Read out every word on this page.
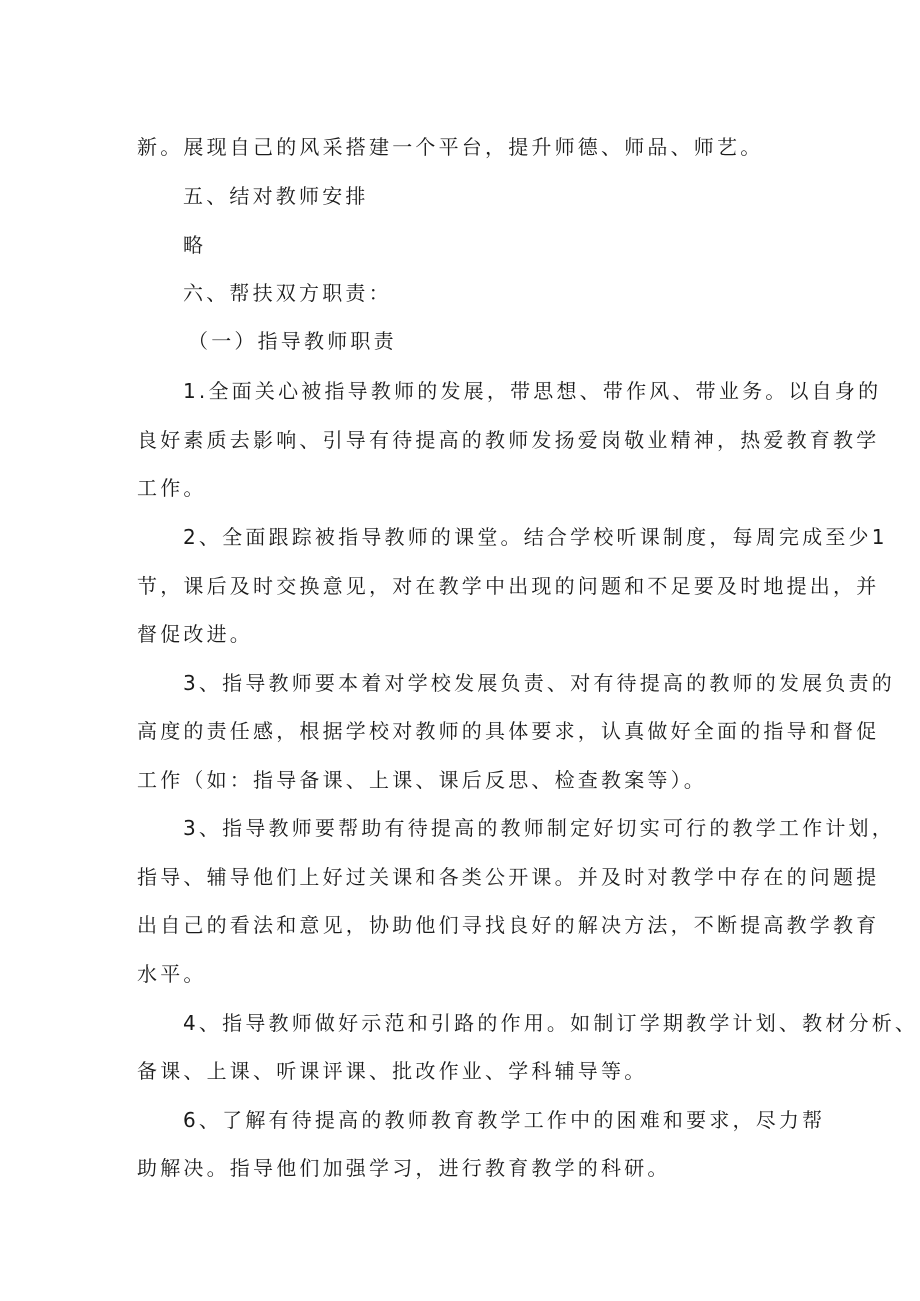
新。展现自己的风采搭建一个平台，提升师德、师品、师艺。
五、结对教师安排
略
六、帮扶双方职责：
（一）指导教师职责
1.全面关心被指导教师的发展，带思想、带作风、带业务。以自身的
良好素质去影响、引导有待提高的教师发扬爱岗敬业精神，热爱教育教学
工作。
2、全面跟踪被指导教师的课堂。结合学校听课制度，每周完成至少1
节，课后及时交换意见，对在教学中出现的问题和不足要及时地提出，并
督促改进。
3、指导教师要本着对学校发展负责、对有待提高的教师的发展负责的
高度的责任感，根据学校对教师的具体要求，认真做好全面的指导和督促
工作（如：指导备课、上课、课后反思、检查教案等）。
3、指导教师要帮助有待提高的教师制定好切实可行的教学工作计划，
指导、辅导他们上好过关课和各类公开课。并及时对教学中存在的问题提
出自己的看法和意见，协助他们寻找良好的解决方法，不断提高教学教育
水平。
4、指导教师做好示范和引路的作用。如制订学期教学计划、教材分析、
备课、上课、听课评课、批改作业、学科辅导等。
6、了解有待提高的教师教育教学工作中的困难和要求，尽力帮
助解决。指导他们加强学习，进行教育教学的科研。
